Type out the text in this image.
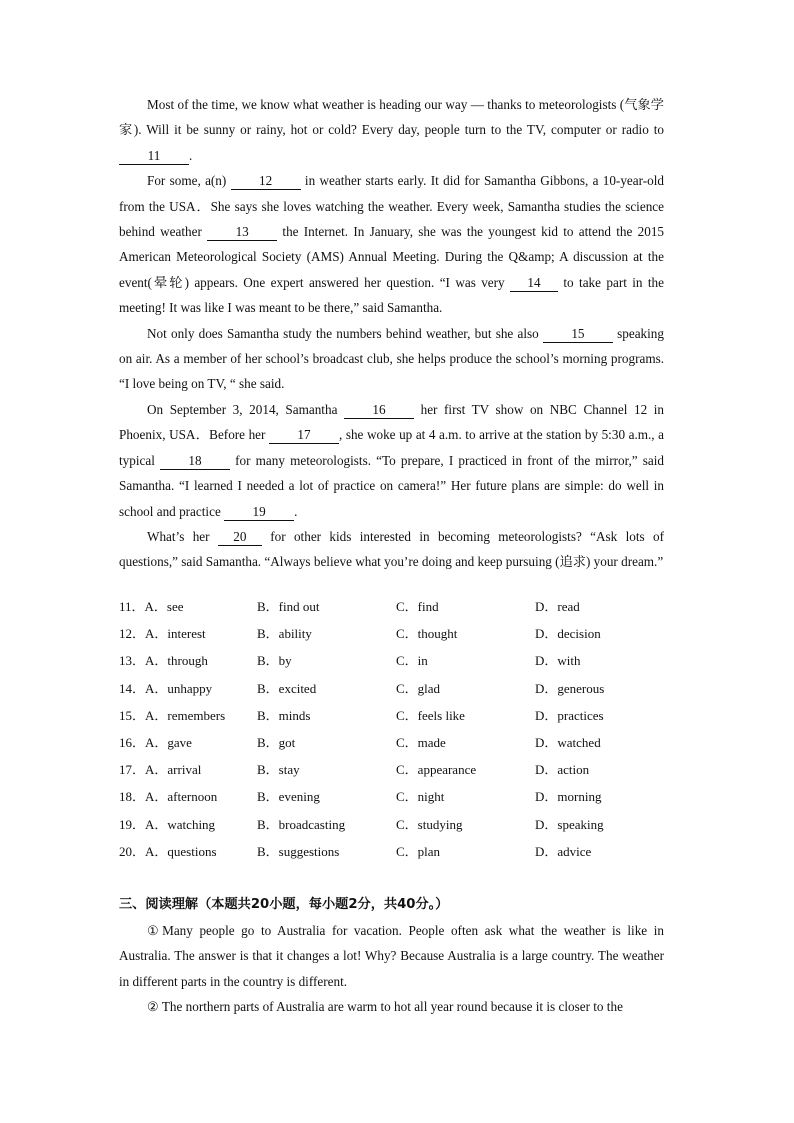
Most of the time, we know what weather is heading our way — thanks to meteorologists (气象学家). Will it be sunny or rainy, hot or cold? Every day, people turn to the TV, computer or radio to 11 .

For some, a(n) 12 in weather starts early. It did for Samantha Gibbons, a 10-year-old from the USA．She says she loves watching the weather. Every week, Samantha studies the science behind weather 13 the Internet. In January, she was the youngest kid to attend the 2015 American Meteorological Society (AMS) Annual Meeting. During the Q&amp; A discussion at the event(晕轮) appears. One expert answered her question. “I was very 14 to take part in the meeting! It was like I was meant to be there,” said Samantha.

Not only does Samantha study the numbers behind weather, but she also 15 speaking on air. As a member of her school’s broadcast club, she helps produce the school’s morning programs. “I love being on TV, “ she said.

On September 3, 2014, Samantha 16 her first TV show on NBC Channel 12 in Phoenix, USA．Before her 17 , she woke up at 4 a.m. to arrive at the station by 5:30 a.m., a typical 18 for many meteorologists. “To prepare, I practiced in front of the mirror,” said Samantha. “I learned I needed a lot of practice on camera!” Her future plans are simple: do well in school and practice 19 .

What’s her 20 for other kids interested in becoming meteorologists? “Ask lots of questions,” said Samantha. “Always believe what you’re doing and keep pursuing (追求) your dream.”

11．A．see	B．find out	C．find	D．read
12．A．interest	B．ability	C．thought	D．decision
13．A．through	B．by	C．in	D．with
14．A．unhappy	B．excited	C．glad	D．generous
15．A．remembers B．minds	C．feels like	D．practices
16．A．gave	B．got	C．made	D．watched
17．A．arrival	B．stay	C．appearance	D．action
18．A．afternoon	B．evening	C．night	D．morning
19．A．watching	B．broadcasting	C．studying	D．speaking
20．A．questions	B．suggestions	C．plan	D．advice
三、阅读理解（本题共20小题，每小题2分，共40分。）

①Many people go to Australia for vacation. People often ask what the weather is like in Australia. The answer is that it changes a lot! Why? Because Australia is a large country. The weather in different parts in the country is different.

② The northern parts of Australia are warm to hot all year round because it is closer to the
